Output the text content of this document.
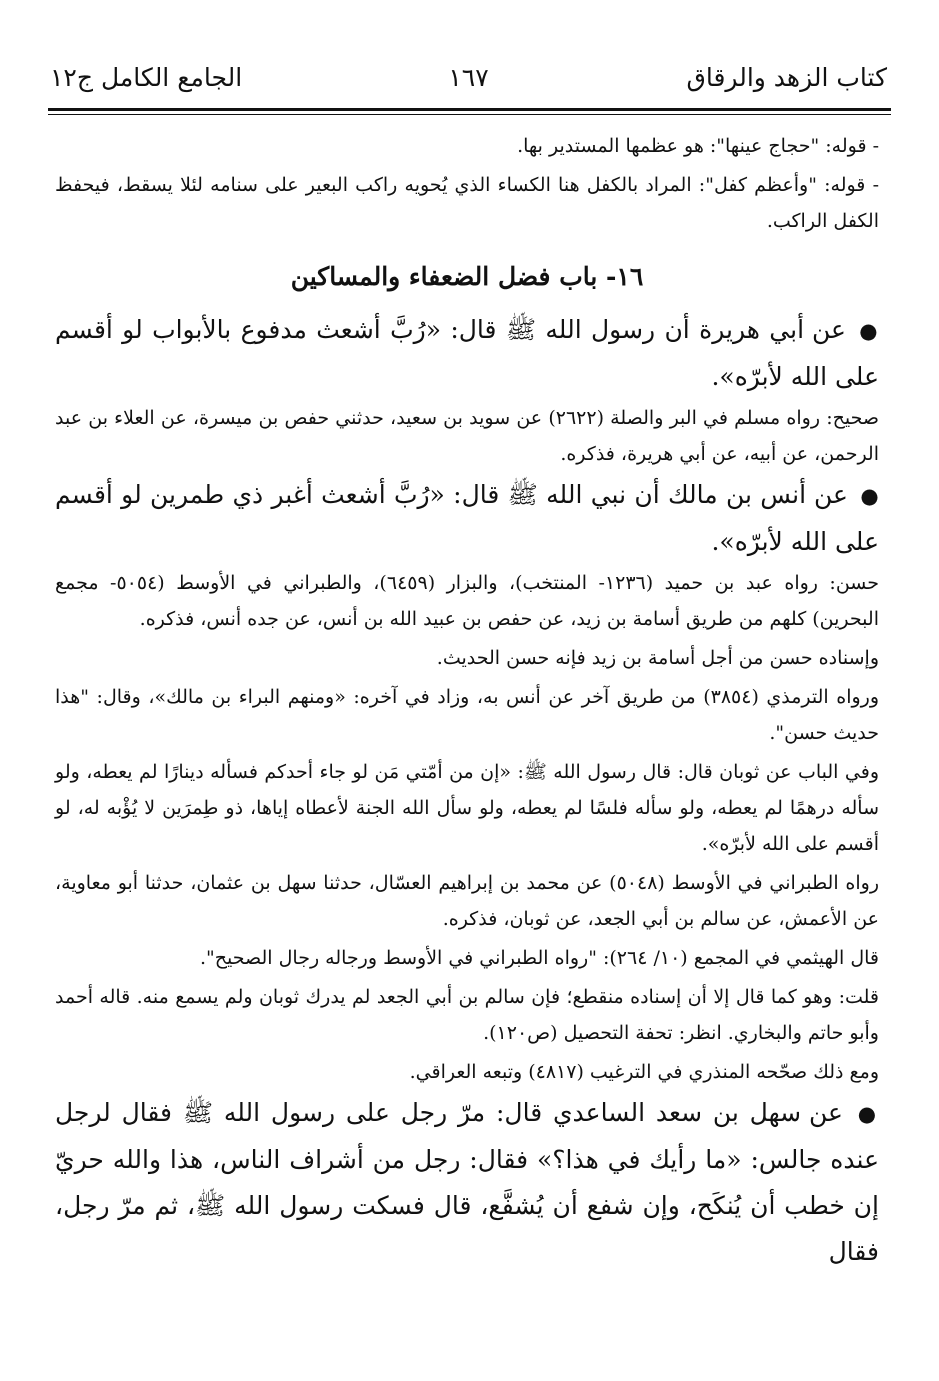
كتاب الزهد والرقاق
١٦٧
الجامع الكامل ج١٢

- قوله: "حجاج عينها": هو عظمها المستدير بها.

- قوله: "وأعظم كفل": المراد بالكفل هنا الكساء الذي يُحويه راكب البعير على سنامه لئلا يسقط، فيحفظ الكفل الراكب.

١٦- باب فضل الضعفاء والمساكين

● عن أبي هريرة أن رسول الله ﷺ قال: «رُبَّ أشعث مدفوع بالأبواب لو أقسم على الله لأبرّه».

صحيح: رواه مسلم في البر والصلة (٢٦٢٢) عن سويد بن سعيد، حدثني حفص بن ميسرة، عن العلاء بن عبد الرحمن، عن أبيه، عن أبي هريرة، فذكره.

● عن أنس بن مالك أن نبي الله ﷺ قال: «رُبَّ أشعث أغبر ذي طمرين لو أقسم على الله لأبرّه».

حسن: رواه عبد بن حميد (١٢٣٦- المنتخب)، والبزار (٦٤٥٩)، والطبراني في الأوسط (٥٠٥٤- مجمع البحرين) كلهم من طريق أسامة بن زيد، عن حفص بن عبيد الله بن أنس، عن جده أنس، فذكره.

وإسناده حسن من أجل أسامة بن زيد فإنه حسن الحديث.

ورواه الترمذي (٣٨٥٤) من طريق آخر عن أنس به، وزاد في آخره: «ومنهم البراء بن مالك»، وقال: "هذا حديث حسن".

وفي الباب عن ثوبان قال: قال رسول الله ﷺ: «إن من أمّتي مَن لو جاء أحدكم فسأله دينارًا لم يعطه، ولو سأله درهمًا لم يعطه، ولو سأله فلسًا لم يعطه، ولو سأل الله الجنة لأعطاه إياها، ذو طِمرَين لا يُؤْبه له، لو أقسم على الله لأبرّه».

رواه الطبراني في الأوسط (٥٠٤٨) عن محمد بن إبراهيم العسّال، حدثنا سهل بن عثمان، حدثنا أبو معاوية، عن الأعمش، عن سالم بن أبي الجعد، عن ثوبان، فذكره.

قال الهيثمي في المجمع (١٠/ ٢٦٤): "رواه الطبراني في الأوسط ورجاله رجال الصحيح".

قلت: وهو كما قال إلا أن إسناده منقطع؛ فإن سالم بن أبي الجعد لم يدرك ثوبان ولم يسمع منه. قاله أحمد وأبو حاتم والبخاري. انظر: تحفة التحصيل (ص١٢٠).

ومع ذلك صحّحه المنذري في الترغيب (٤٨١٧) وتبعه العراقي.

● عن سهل بن سعد الساعدي قال: مرّ رجل على رسول الله ﷺ فقال لرجل عنده جالس: «ما رأيك في هذا؟» فقال: رجل من أشراف الناس، هذا والله حريّ إن خطب أن يُنكَح، وإن شفع أن يُشفَّع، قال فسكت رسول الله ﷺ، ثم مرّ رجل، فقال
